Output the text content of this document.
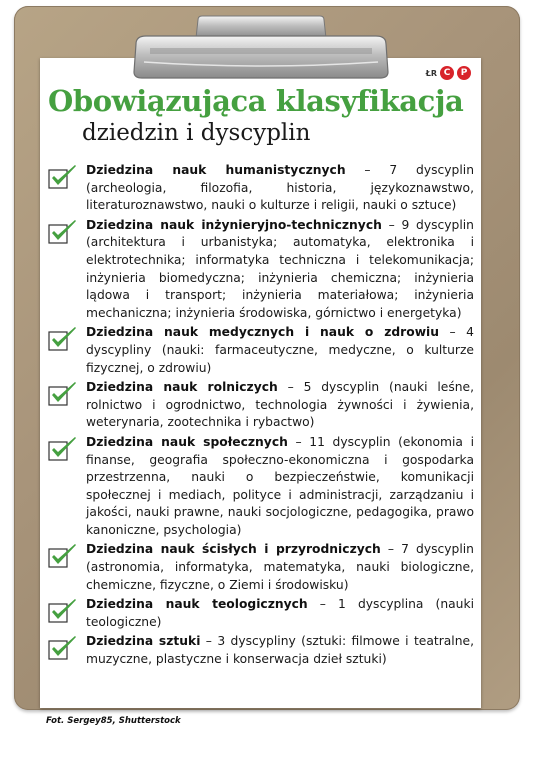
ŁR C	P
Obowiązująca klasyfikacja
dziedzin i dyscyplin
Dziedzina nauk humanistycznych – 7 dyscyplin (archeologia, filozofia, historia, językoznawstwo, literaturoznawstwo, nauki o kulturze i religii, nauki o sztuce)
Dziedzina nauk inżynieryjno-technicznych – 9 dyscyplin (architektura i urbanistyka; automatyka, elektronika i elektrotechnika; informatyka techniczna i telekomunikacja; inżynieria biomedyczna; inżynieria chemiczna; inżynieria lądowa i transport; inżynieria materiałowa; inżynieria mechaniczna; inżynieria środowiska, górnictwo i energetyka)
Dziedzina nauk medycznych i nauk o zdrowiu – 4 dyscypliny (nauki: farmaceutyczne, medyczne, o kulturze fizycznej, o zdrowiu)
Dziedzina nauk rolniczych – 5 dyscyplin (nauki leśne, rolnictwo i ogrodnictwo, technologia żywności i żywienia, weterynaria, zootechnika i rybactwo)
Dziedzina nauk społecznych – 11 dyscyplin (ekonomia i finanse, geografia społeczno-ekonomiczna i gospodarka przestrzenna, nauki o bezpieczeństwie, komunikacji społecznej i mediach, polityce i administracji, zarządzaniu i jakości, nauki prawne, nauki socjologiczne, pedagogika, prawo kanoniczne, psychologia)
Dziedzina nauk ścisłych i przyrodniczych – 7 dyscyplin (astronomia, informatyka, matematyka, nauki biologiczne, chemiczne, fizyczne, o Ziemi i środowisku)
Dziedzina nauk teologicznych – 1 dyscyplina (nauki teologiczne)
Dziedzina sztuki – 3 dyscypliny (sztuki: filmowe i teatralne, muzyczne, plastyczne i konserwacja dzieł sztuki)
Fot. Sergey85, Shutterstock
